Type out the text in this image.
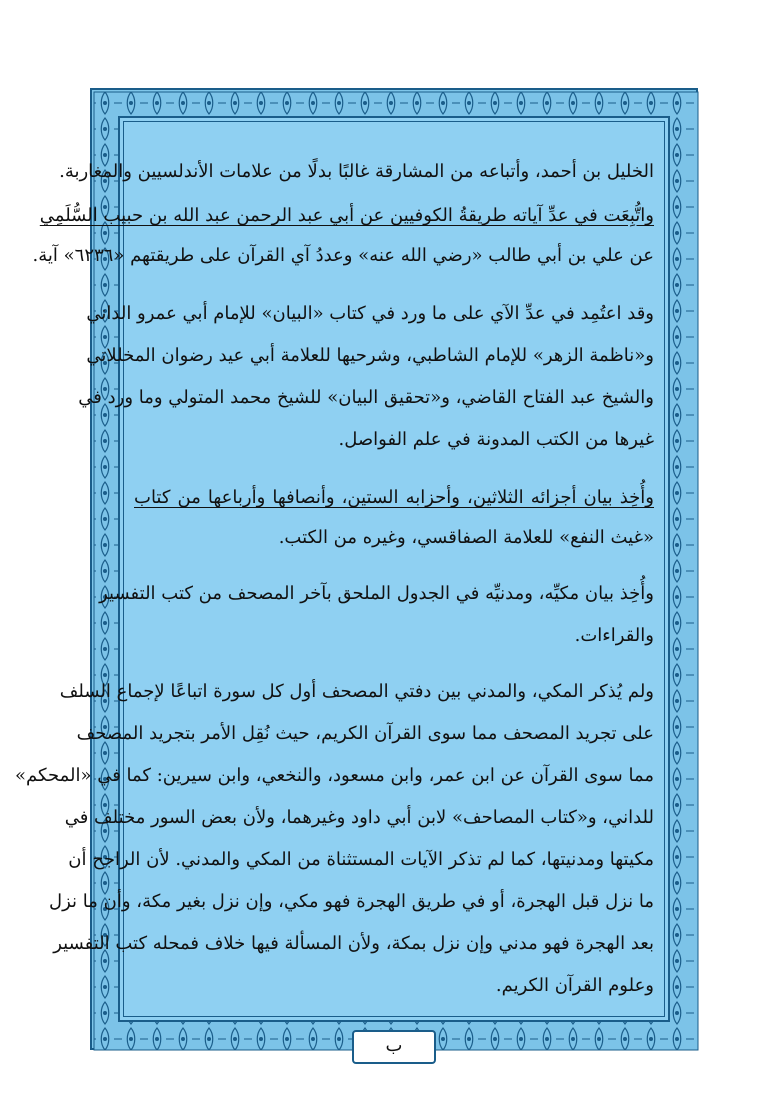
الخليل بن أحمد، وأتباعه من المشارقة غالبًا بدلًا من علامات الأندلسيين والمغاربة.
واتُّبِعَت في عدِّ آياته طريقةُ الكوفيين عن أبي عبد الرحمن عبد الله بن حبيب السُّلَمِي
عن علي بن أبي طالب «رضي الله عنه» وعددُ آي القرآن على طريقتهم «٦٢٣٦» آية.
وقد اعتُمِد في عدِّ الآي على ما ورد في كتاب «البيان» للإمام أبي عمرو الداني
و«ناظمة الزهر» للإمام الشاطبي، وشرحيها للعلامة أبي عيد رضوان المخللاتي
والشيخ عبد الفتاح القاضي، و«تحقيق البيان» للشيخ محمد المتولي وما ورد في
غيرها من الكتب المدونة في علم الفواصل.
وأُخِذ بيان أجزائه الثلاثين، وأحزابه الستين، وأنصافها وأرباعها من كتاب
«غيث النفع» للعلامة الصفاقسي، وغيره من الكتب.
وأُخِذ بيان مكيِّه، ومدنيِّه في الجدول الملحق بآخر المصحف من كتب التفسير
والقراءات.
ولم يُذكر المكي، والمدني بين دفتي المصحف أول كل سورة اتباعًا لإجماع السلف
على تجريد المصحف مما سوى القرآن الكريم، حيث نُقِل الأمر بتجريد المصحف
مما سوى القرآن عن ابن عمر، وابن مسعود، والنخعي، وابن سيرين: كما في «المحكم»
للداني، و«كتاب المصاحف» لابن أبي داود وغيرهما، ولأن بعض السور مختلف في
مكيتها ومدنيتها، كما لم تذكر الآيات المستثناة من المكي والمدني. لأن الراجح أن
ما نزل قبل الهجرة، أو في طريق الهجرة فهو مكي، وإن نزل بغير مكة، وأن ما نزل
بعد الهجرة فهو مدني وإن نزل بمكة، ولأن المسألة فيها خلاف فمحله كتب التفسير
وعلوم القرآن الكريم.
ب
